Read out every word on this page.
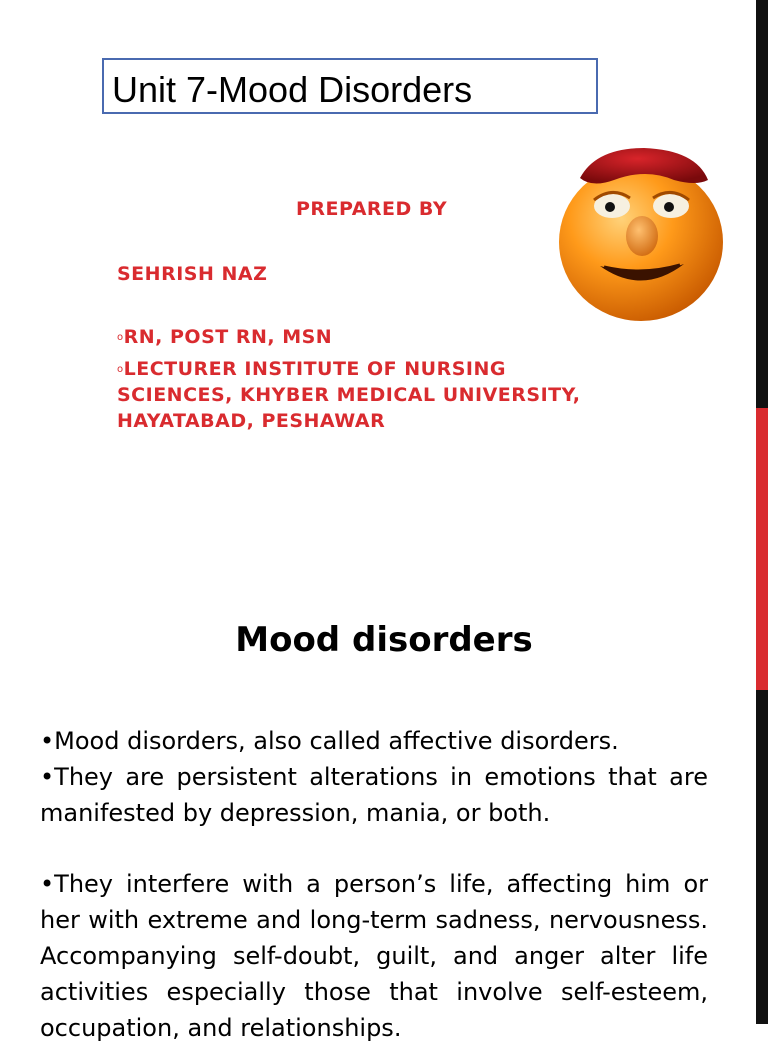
Unit 7-Mood Disorders
PREPARED BY
SEHRISH NAZ
oRN, POST RN, MSN
oLECTURER INSTITUTE OF NURSING
SCIENCES, KHYBER MEDICAL UNIVERSITY,
HAYATABAD, PESHAWAR
Mood disorders
•Mood disorders, also called affective disorders.
•They are persistent alterations in emotions that are manifested by depression, mania, or both.
•They interfere with a person’s life, affecting him or her with extreme and long-term sadness, nervousness. Accompanying self-doubt, guilt, and anger alter life activities especially those that involve self-esteem, occupation, and relationships.
